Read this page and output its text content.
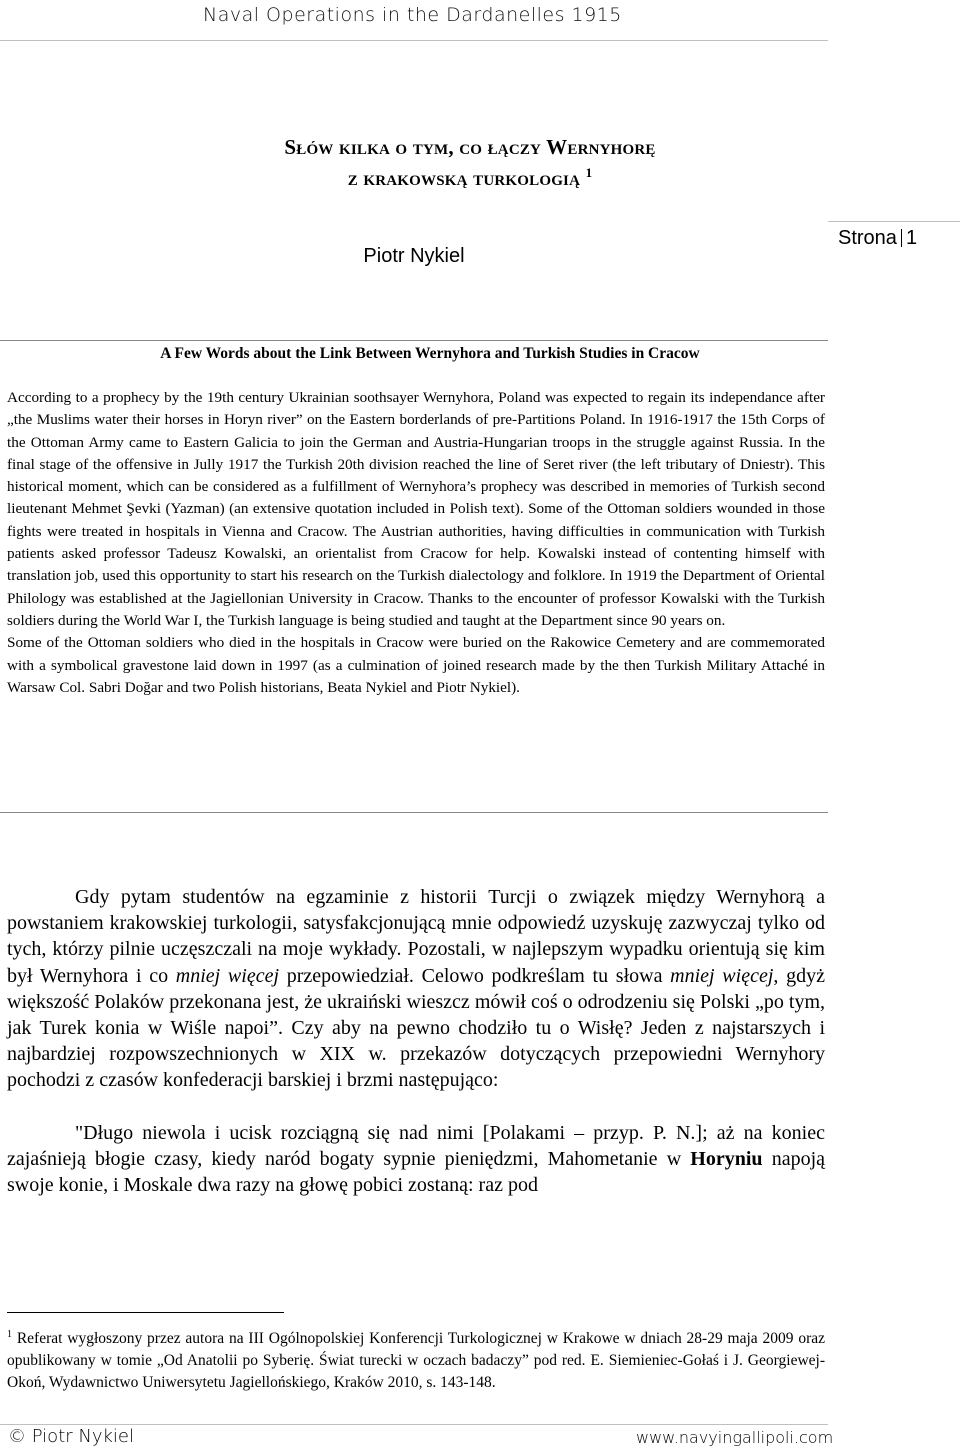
Naval Operations in the Dardanelles 1915
Strona 1
Słów kilka o tym, co łączy Wernyhorę
z krakowską turkologią $^1$
Piotr Nykiel
A Few Words about the Link Between Wernyhora and Turkish Studies in Cracow

According to a prophecy by the 19th century Ukrainian soothsayer Wernyhora, Poland was expected to regain its independance after „the Muslims water their horses in Horyn river” on the Eastern borderlands of pre-Partitions Poland. In 1916-1917 the 15th Corps of the Ottoman Army came to Eastern Galicia to join the German and Austria-Hungarian troops in the struggle against Russia. In the final stage of the offensive in Jully 1917 the Turkish 20th division reached the line of Seret river (the left tributary of Dniestr). This historical moment, which can be considered as a fulfillment of Wernyhora’s prophecy was described in memories of Turkish second lieutenant Mehmet Şevki (Yazman) (an extensive quotation included in Polish text). Some of the Ottoman soldiers wounded in those fights were treated in hospitals in Vienna and Cracow. The Austrian authorities, having difficulties in communication with Turkish patients asked professor Tadeusz Kowalski, an orientalist from Cracow for help. Kowalski instead of contenting himself with translation job, used this opportunity to start his research on the Turkish dialectology and folklore. In 1919 the Department of Oriental Philology was established at the Jagiellonian University in Cracow. Thanks to the encounter of professor Kowalski with the Turkish soldiers during the World War I, the Turkish language is being studied and taught at the Department since 90 years on.

Some of the Ottoman soldiers who died in the hospitals in Cracow were buried on the Rakowice Cemetery and are commemorated with a symbolical gravestone laid down in 1997 (as a culmination of joined research made by the then Turkish Military Attaché in Warsaw Col. Sabri Doğar and two Polish historians, Beata Nykiel and Piotr Nykiel).

Gdy pytam studentów na egzaminie z historii Turcji o związek między Wernyhorą a powstaniem krakowskiej turkologii, satysfakcjonującą mnie odpowiedź uzyskuję zazwyczaj tylko od tych, którzy pilnie uczęszczali na moje wykłady. Pozostali, w najlepszym wypadku orientują się kim był Wernyhora i co mniej więcej przepowiedział. Celowo podkreślam tu słowa mniej więcej, gdyż większość Polaków przekonana jest, że ukraiński wieszcz mówił coś o odrodzeniu się Polski „po tym, jak Turek konia w Wiśle napoi”. Czy aby na pewno chodziło tu o Wisłę? Jeden z najstarszych i najbardziej rozpowszechnionych w XIX w. przekazów dotyczących przepowiedni Wernyhory pochodzi z czasów konfederacji barskiej i brzmi następująco:

"Długo niewola i ucisk rozciągną się nad nimi [Polakami – przyp. P. N.]; aż na koniec zajaśnieją błogie czasy, kiedy naród bogaty sypnie pieniędzmi, Mahometanie w Horyniu napoją swoje konie, i Moskale dwa razy na głowę pobici zostaną: raz pod

$^1$ Referat wygłoszony przez autora na III Ogólnopolskiej Konferencji Turkologicznej w Krakowe w dniach 28-29 maja 2009 oraz opublikowany w tomie „Od Anatolii po Syberię. Świat turecki w oczach badaczy” pod red. E. Siemieniec-Gołaś i J. Georgiewej-Okoń, Wydawnictwo Uniwersytetu Jagiellońskiego, Kraków 2010, s. 143-148.
© Piotr Nykiel	www.navyingallipoli.com
